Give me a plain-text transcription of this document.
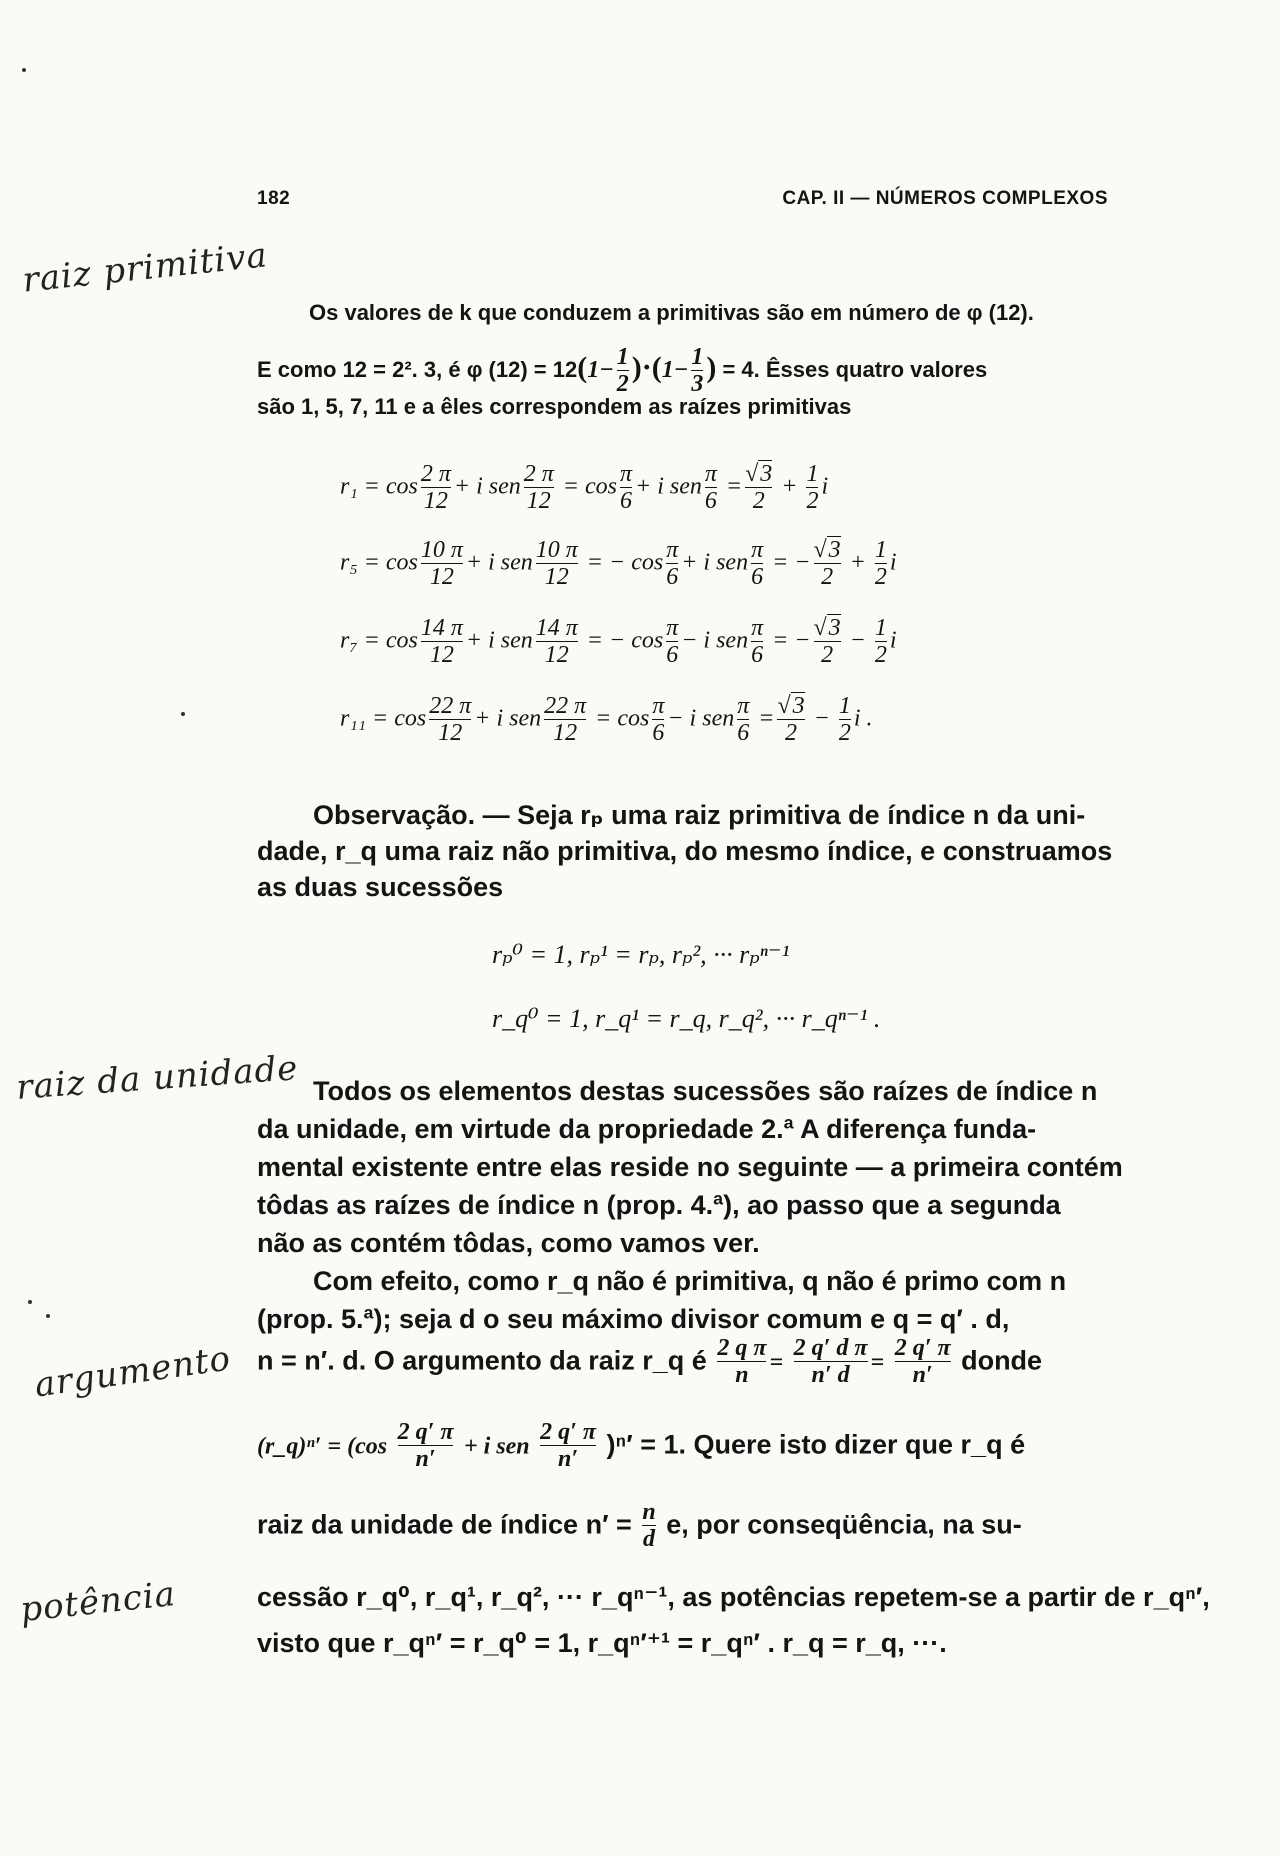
182	CAP. II — NÚMEROS COMPLEXOS
raiz primitiva
raiz da unidade
argumento
potência
Os valores de k que conduzem a primitivas são em número de φ (12).
E como 12 = 2². 3, é φ $(12) = 12(1- \frac{1}{2} )\cdot(1- \frac{1}{3}$ ) = 4. Êsses quatro valores
são 1, 5, 7, 11 e a êles correspondem as raízes primitivas
$r_1 = \cos \frac{2 \pi}{12} + i$ sen $\frac{2 \pi}{12} = \cos \frac{\pi}{6} + i$ sen $\frac{\pi}{6} = \frac{√3}{2} + \frac{1}{2}$ i
$r_5 = \cos \frac{10 \pi}{12} + i$ sen $\frac{10 \pi}{12}$ = − $\cos \frac{\pi}{6} + i$ sen $\frac{\pi}{6}$ = − $\frac{√3}{2} + \frac{1}{2}$ i
$r_7 = \cos \frac{14 \pi}{12} + i$ sen $\frac{14 \pi}{12}$ = − $\cos \frac{\pi}{6} - i$ sen $\frac{\pi}{6}$ = − $\frac{√3}{2} - \frac{1}{2}$ i
$r_{11} = \cos \frac{22 \pi}{12} + i$ sen $\frac{22 \pi}{12} = \cos \frac{\pi}{6} - i$ sen $\frac{\pi}{6} = \frac{√3}{2} - \frac{1}{2}$ i .
Observação. — Seja rₚ uma raiz primitiva de índice n da uni-
dade, r_q uma raiz não primitiva, do mesmo índice, e construamos
as duas sucessões
rₚ⁰ = 1, rₚ¹ = rₚ, rₚ², ··· rₚⁿ⁻¹
r_q⁰ = 1, r_q¹ = r_q, r_q², ··· r_qⁿ⁻¹ .
Todos os elementos destas sucessões são raízes de índice n
da unidade, em virtude da propriedade 2.ª A diferença funda-
mental existente entre elas reside no seguinte — a primeira contém
tôdas as raízes de índice n (prop. 4.ª), ao passo que a segunda
não as contém tôdas, como vamos ver.
Com efeito, como r_q não é primitiva, q não é primo com n
(prop. 5.ª); seja d o seu máximo divisor comum e q = q′ . d,
n = n′. d. O argumento da raiz r_q é $\frac{\text{2 q π}}{n} = \frac{\text{2 q′ d π}}{n' d} = \frac{2 q' \pi}{n'}$ donde
(r_q)ⁿ′ = ($\cos \frac{2 q' \pi}{n'} + i$ sen $\frac{2 q' \pi}{n'} )^n' = 1$. Quere isto dizer que r_q é
raiz da unidade de índice $n' = \frac{n}{d} e$, por conseqüência, na su-
cessão r_q⁰, r_q¹, r_q², ··· r_qⁿ⁻¹, as potências repetem-se a partir de r_qⁿ′,
visto que r_qⁿ′ = r_q⁰ = 1, r_qⁿ′⁺¹ = r_qⁿ′ . r_q = r_q, ···.
